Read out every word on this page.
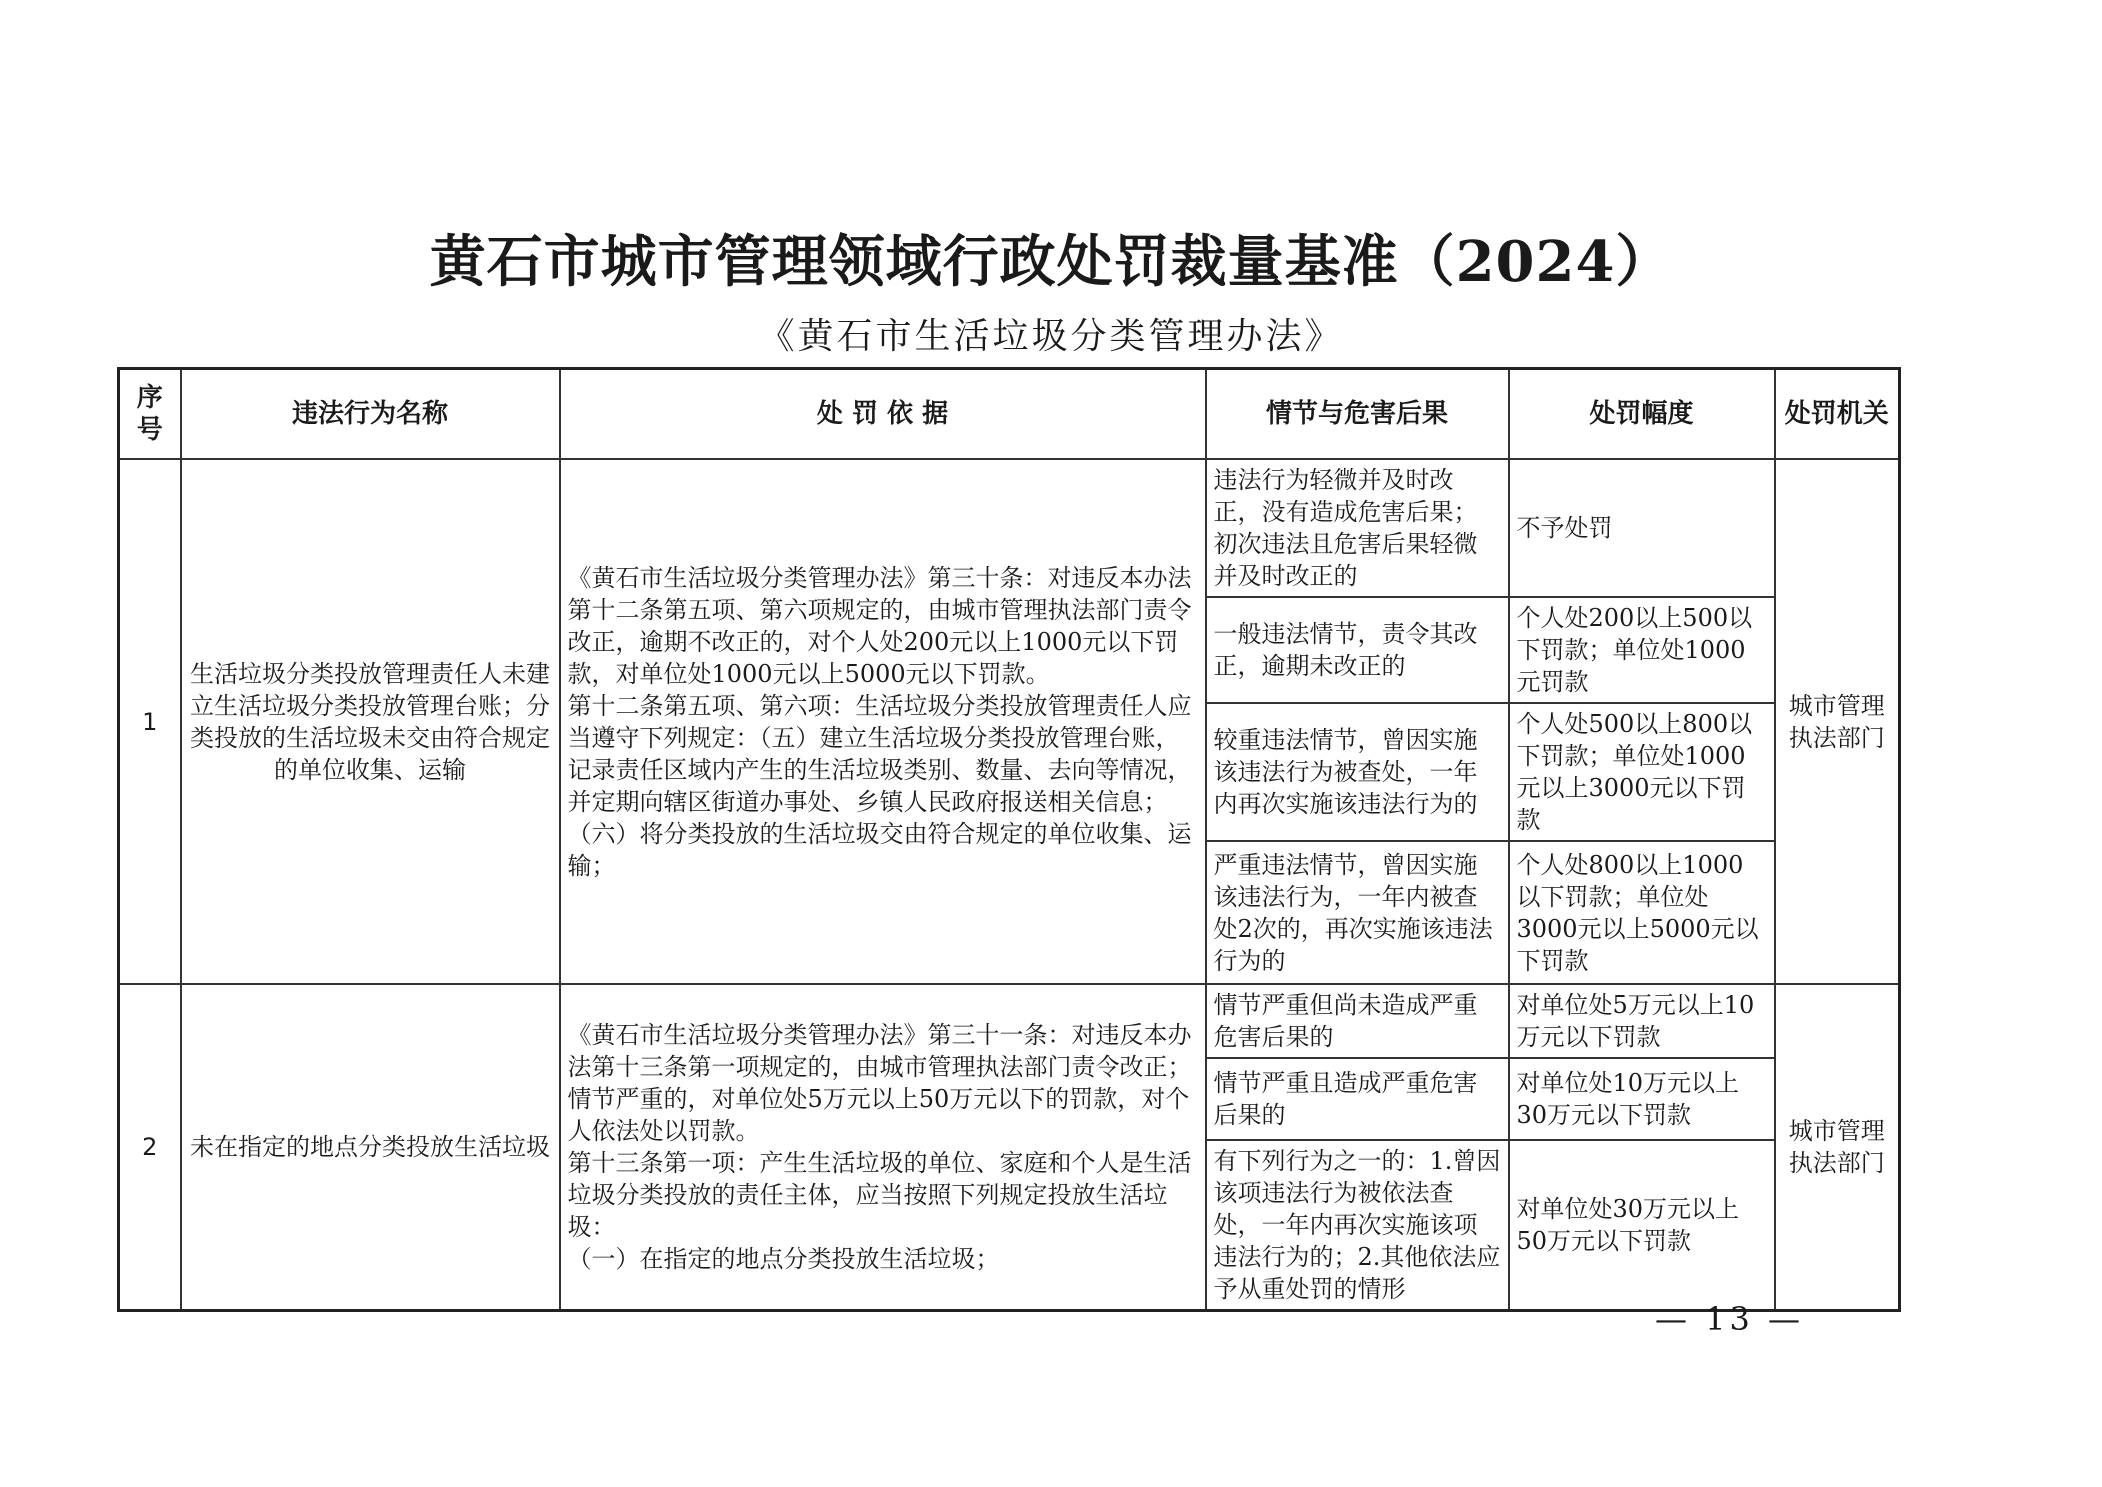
黄石市城市管理领域行政处罚裁量基准（2024）
《黄石市生活垃圾分类管理办法》
序号	违法行为名称	处 罚 依 据	情节与危害后果	处罚幅度	处罚机关
1	生活垃圾分类投放管理责任人未建立生活垃圾分类投放管理台账；分类投放的生活垃圾未交由符合规定的单位收集、运输	《黄石市生活垃圾分类管理办法》第三十条：对违反本办法第十二条第五项、第六项规定的，由城市管理执法部门责令改正，逾期不改正的，对个人处200元以上1000元以下罚款，对单位处1000元以上5000元以下罚款。

第十二条第五项、第六项：生活垃圾分类投放管理责任人应当遵守下列规定：（五）建立生活垃圾分类投放管理台账，记录责任区域内产生的生活垃圾类别、数量、去向等情况，并定期向辖区街道办事处、乡镇人民政府报送相关信息；

（六）将分类投放的生活垃圾交由符合规定的单位收集、运输；	违法行为轻微并及时改正，没有造成危害后果；初次违法且危害后果轻微并及时改正的	不予处罚	城市管理执法部门
			一般违法情节，责令其改正，逾期未改正的	个人处200以上500以下罚款；单位处1000元罚款	
			较重违法情节，曾因实施该违法行为被查处，一年内再次实施该违法行为的	个人处500以上800以下罚款；单位处1000元以上3000元以下罚款	
			严重违法情节，曾因实施该违法行为，一年内被查处2次的，再次实施该违法行为的	个人处800以上1000以下罚款；单位处3000元以上5000元以下罚款	
2	未在指定的地点分类投放生活垃圾	《黄石市生活垃圾分类管理办法》第三十一条：对违反本办法第十三条第一项规定的，由城市管理执法部门责令改正；情节严重的，对单位处5万元以上50万元以下的罚款，对个人依法处以罚款。

第十三条第一项：产生生活垃圾的单位、家庭和个人是生活垃圾分类投放的责任主体，应当按照下列规定投放生活垃圾：

（一）在指定的地点分类投放生活垃圾；	情节严重但尚未造成严重危害后果的	对单位处5万元以上10万元以下罚款	城市管理执法部门
			情节严重且造成严重危害后果的	对单位处10万元以上30万元以下罚款	
			有下列行为之一的：1.曾因该项违法行为被依法查处，一年内再次实施该项违法行为的；2.其他依法应予从重处罚的情形	对单位处30万元以上50万元以下罚款	
— 13 —
